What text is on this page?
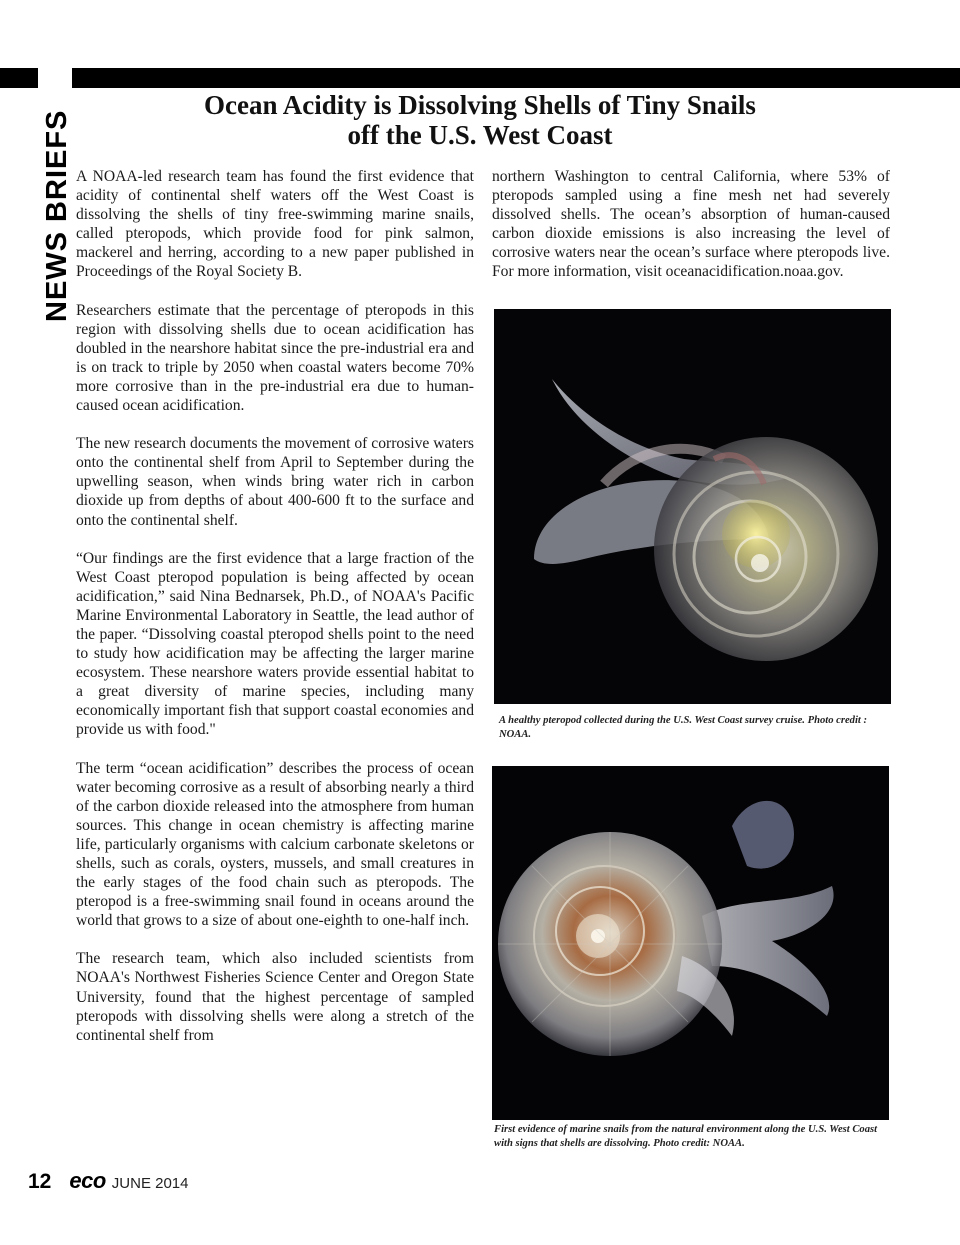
NEWS BRIEFS
Ocean Acidity is Dissolving Shells of Tiny Snails
off the U.S. West Coast

A NOAA-led research team has found the first evidence that acidity of continental shelf waters off the West Coast is dissolving the shells of tiny free-swimming marine snails, called pteropods, which provide food for pink salmon, mackerel and herring, according to a new paper published in Proceedings of the Royal Society B.

Researchers estimate that the percentage of pteropods in this region with dissolving shells due to ocean acidification has doubled in the nearshore habitat since the pre-industrial era and is on track to triple by 2050 when coastal waters become 70% more corrosive than in the pre-industrial era due to human-caused ocean acidification.

The new research documents the movement of corrosive waters onto the continental shelf from April to September during the upwelling season, when winds bring water rich in carbon dioxide up from depths of about 400-600 ft to the surface and onto the continental shelf.

“Our findings are the first evidence that a large fraction of the West Coast pteropod population is being affected by ocean acidification,” said Nina Bednarsek, Ph.D., of NOAA's Pacific Marine Environmental Laboratory in Seattle, the lead author of the paper. “Dissolving coastal pteropod shells point to the need to study how acidification may be affecting the larger marine ecosystem. These nearshore waters provide essential habitat to a great diversity of marine species, including many economically important fish that support coastal economies and provide us with food."

The term “ocean acidification” describes the process of ocean water becoming corrosive as a result of absorbing nearly a third of the carbon dioxide released into the atmosphere from human sources. This change in ocean chemistry is affecting marine life, particularly organisms with calcium carbonate skeletons or shells, such as corals, oysters, mussels, and small creatures in the early stages of the food chain such as pteropods. The pteropod is a free-swimming snail found in oceans around the world that grows to a size of about one-eighth to one-half inch.

The research team, which also included scientists from NOAA's Northwest Fisheries Science Center and Oregon State University, found that the highest percentage of sampled pteropods with dissolving shells were along a stretch of the continental shelf from

northern Washington to central California, where 53% of pteropods sampled using a fine mesh net had severely dissolved shells. The ocean’s absorption of human-caused carbon dioxide emissions is also increasing the level of corrosive waters near the ocean’s surface where pteropods live. For more information, visit oceanacidification.noaa.gov.

A healthy pteropod collected during the U.S. West Coast survey cruise. Photo credit : NOAA.
First evidence of marine snails from the natural environment along the U.S. West Coast with signs that shells are dissolving. Photo credit: NOAA.
12 eco JUNE 2014
